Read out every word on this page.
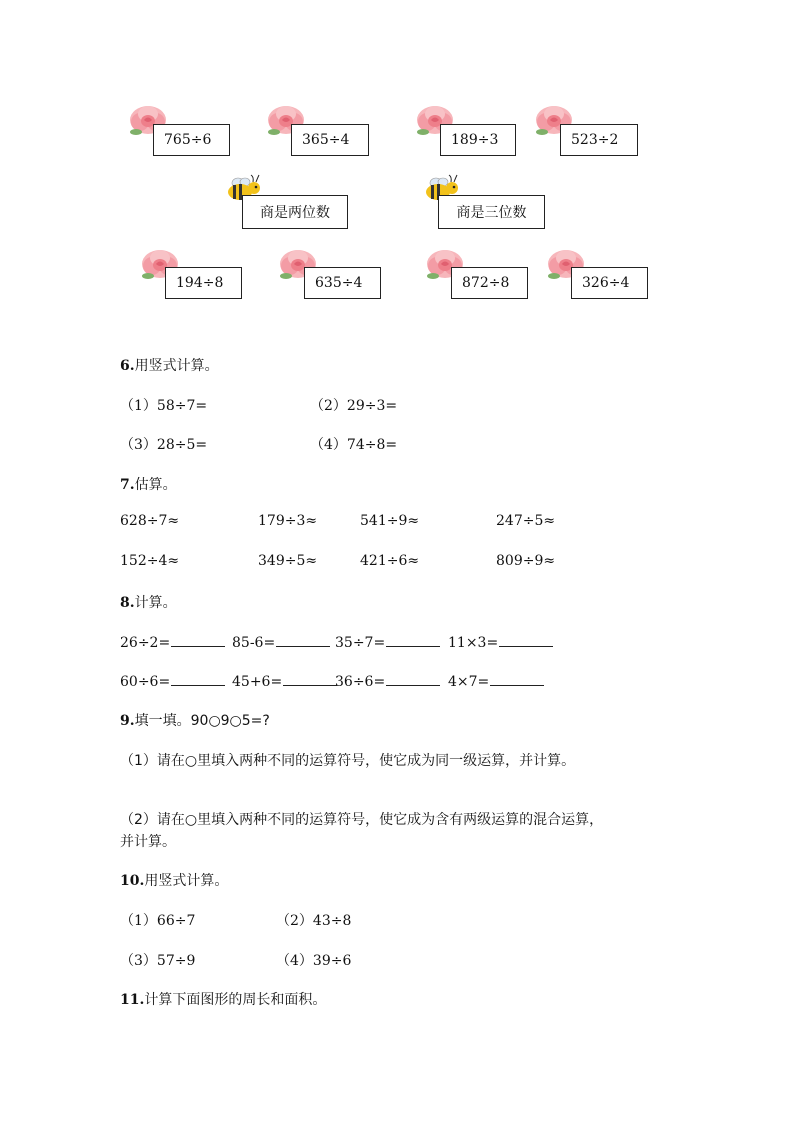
765÷6	365÷4	189÷3	523÷2
商是两位数	商是三位数
194÷8	635÷4	872÷8	326÷4
6.用竖式计算。
（1）58÷7=	（2）29÷3=
（3）28÷5=	（4）74÷8=
7.估算。
628÷7≈	179÷3≈	541÷9≈	247÷5≈
152÷4≈	349÷5≈	421÷6≈	809÷9≈
8.计算。
26÷2=	85-6=	35÷7=	11×3=
60÷6=	45+6=	36÷6=	4×7=
9.填一填。90○9○5=?
（1）请在○里填入两种不同的运算符号，使它成为同一级运算，并计算。
（2）请在○里填入两种不同的运算符号，使它成为含有两级运算的混合运算，
并计算。
10.用竖式计算。
（1）66÷7	（2）43÷8
（3）57÷9	（4）39÷6
11.计算下面图形的周长和面积。
